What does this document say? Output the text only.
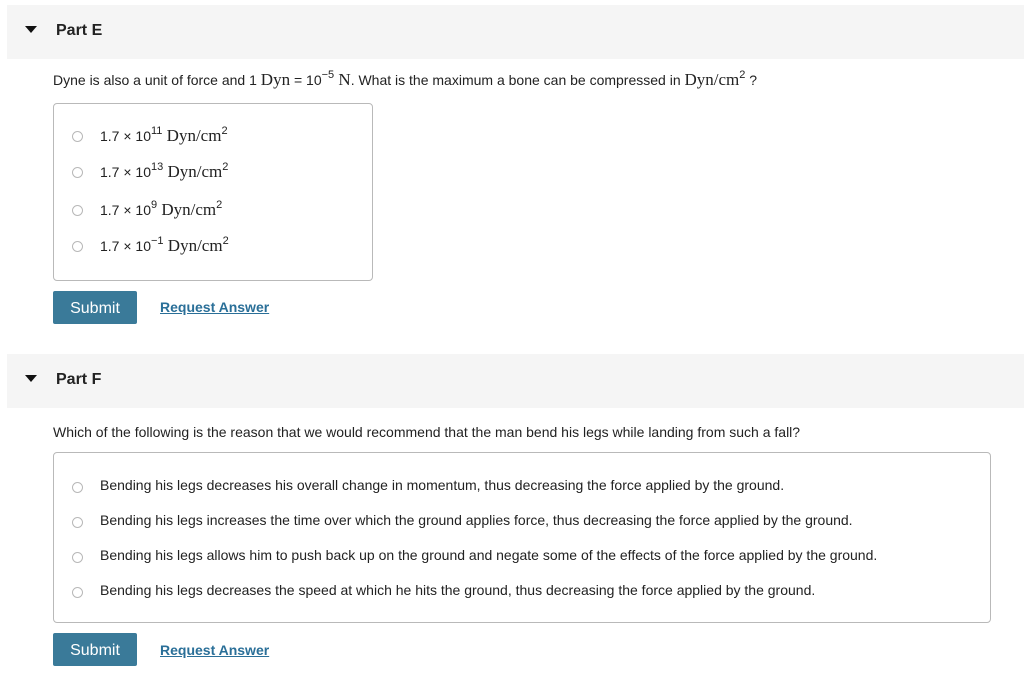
Part E
Dyne is also a unit of force and 1 Dyn = $10^{-5}$ N. What is the maximum a bone can be compressed in Dyn/$cm^2$ ?
$1.7 \times 10^{11}$ Dyn/$cm^2$
$1.7 \times 10^{13}$ Dyn/$cm^2$
$1.7 \times 10^9$ Dyn/$cm^2$
$1.7 \times 10^{-1}$ Dyn/$cm^2$
Submit	Request Answer
Part F
Which of the following is the reason that we would recommend that the man bend his legs while landing from such a fall?
Bending his legs decreases his overall change in momentum, thus decreasing the force applied by the ground.
Bending his legs increases the time over which the ground applies force, thus decreasing the force applied by the ground.
Bending his legs allows him to push back up on the ground and negate some of the effects of the force applied by the ground.
Bending his legs decreases the speed at which he hits the ground, thus decreasing the force applied by the ground.
Submit	Request Answer
